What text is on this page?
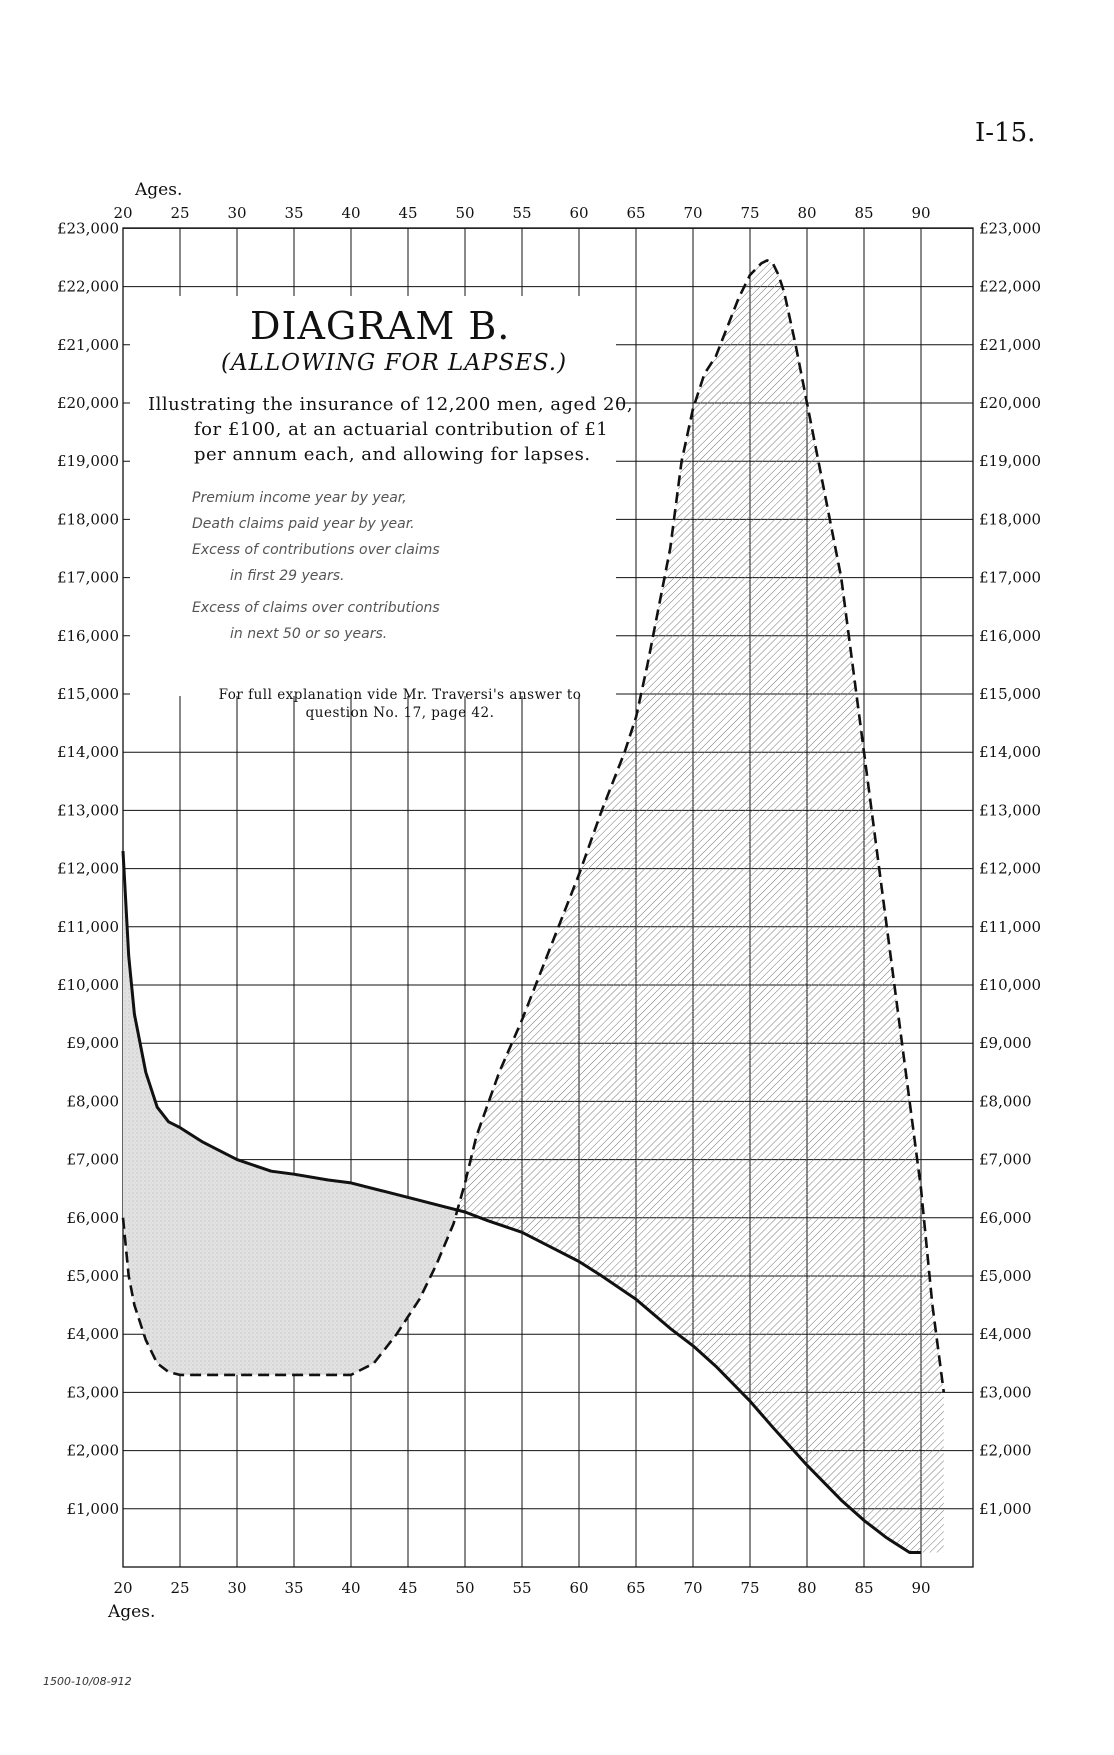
20
20
25
25
30
30
35
35
40
40
45
45
50
50
55
55
60
60
65
65
70
70
75
75
80
80
85
85
90
90
£1,000	£1,000
£2,000	£2,000
£3,000	£3,000
£4,000	£4,000
£5,000	£5,000
£6,000	£6,000
£7,000	£7,000
£8,000	£8,000
£9,000	£9,000
£10,000	£10,000
£11,000	£11,000
£12,000	£12,000
£13,000	£13,000
£14,000	£14,000
£15,000	£15,000
£16,000	£16,000
£17,000	£17,000
£18,000	£18,000
£19,000	£19,000
£20,000	£20,000
£21,000	£21,000
£22,000	£22,000
£23,000	£23,000
Ages.
Ages.
I-15.
DIAGRAM B.
(ALLOWING FOR LAPSES.)
Illustrating the insurance of 12,200 men, aged 20,
for £100, at an actuarial contribution of £1
per annum each, and allowing for lapses.
Premium income year by year,
Death claims paid year by year.
Excess of contributions over claims
in first 29 years.
Excess of claims over contributions
in next 50 or so years.
For full explanation vide Mr. Traversi's answer to
question No. 17, page 42.
1500-10/08-912
